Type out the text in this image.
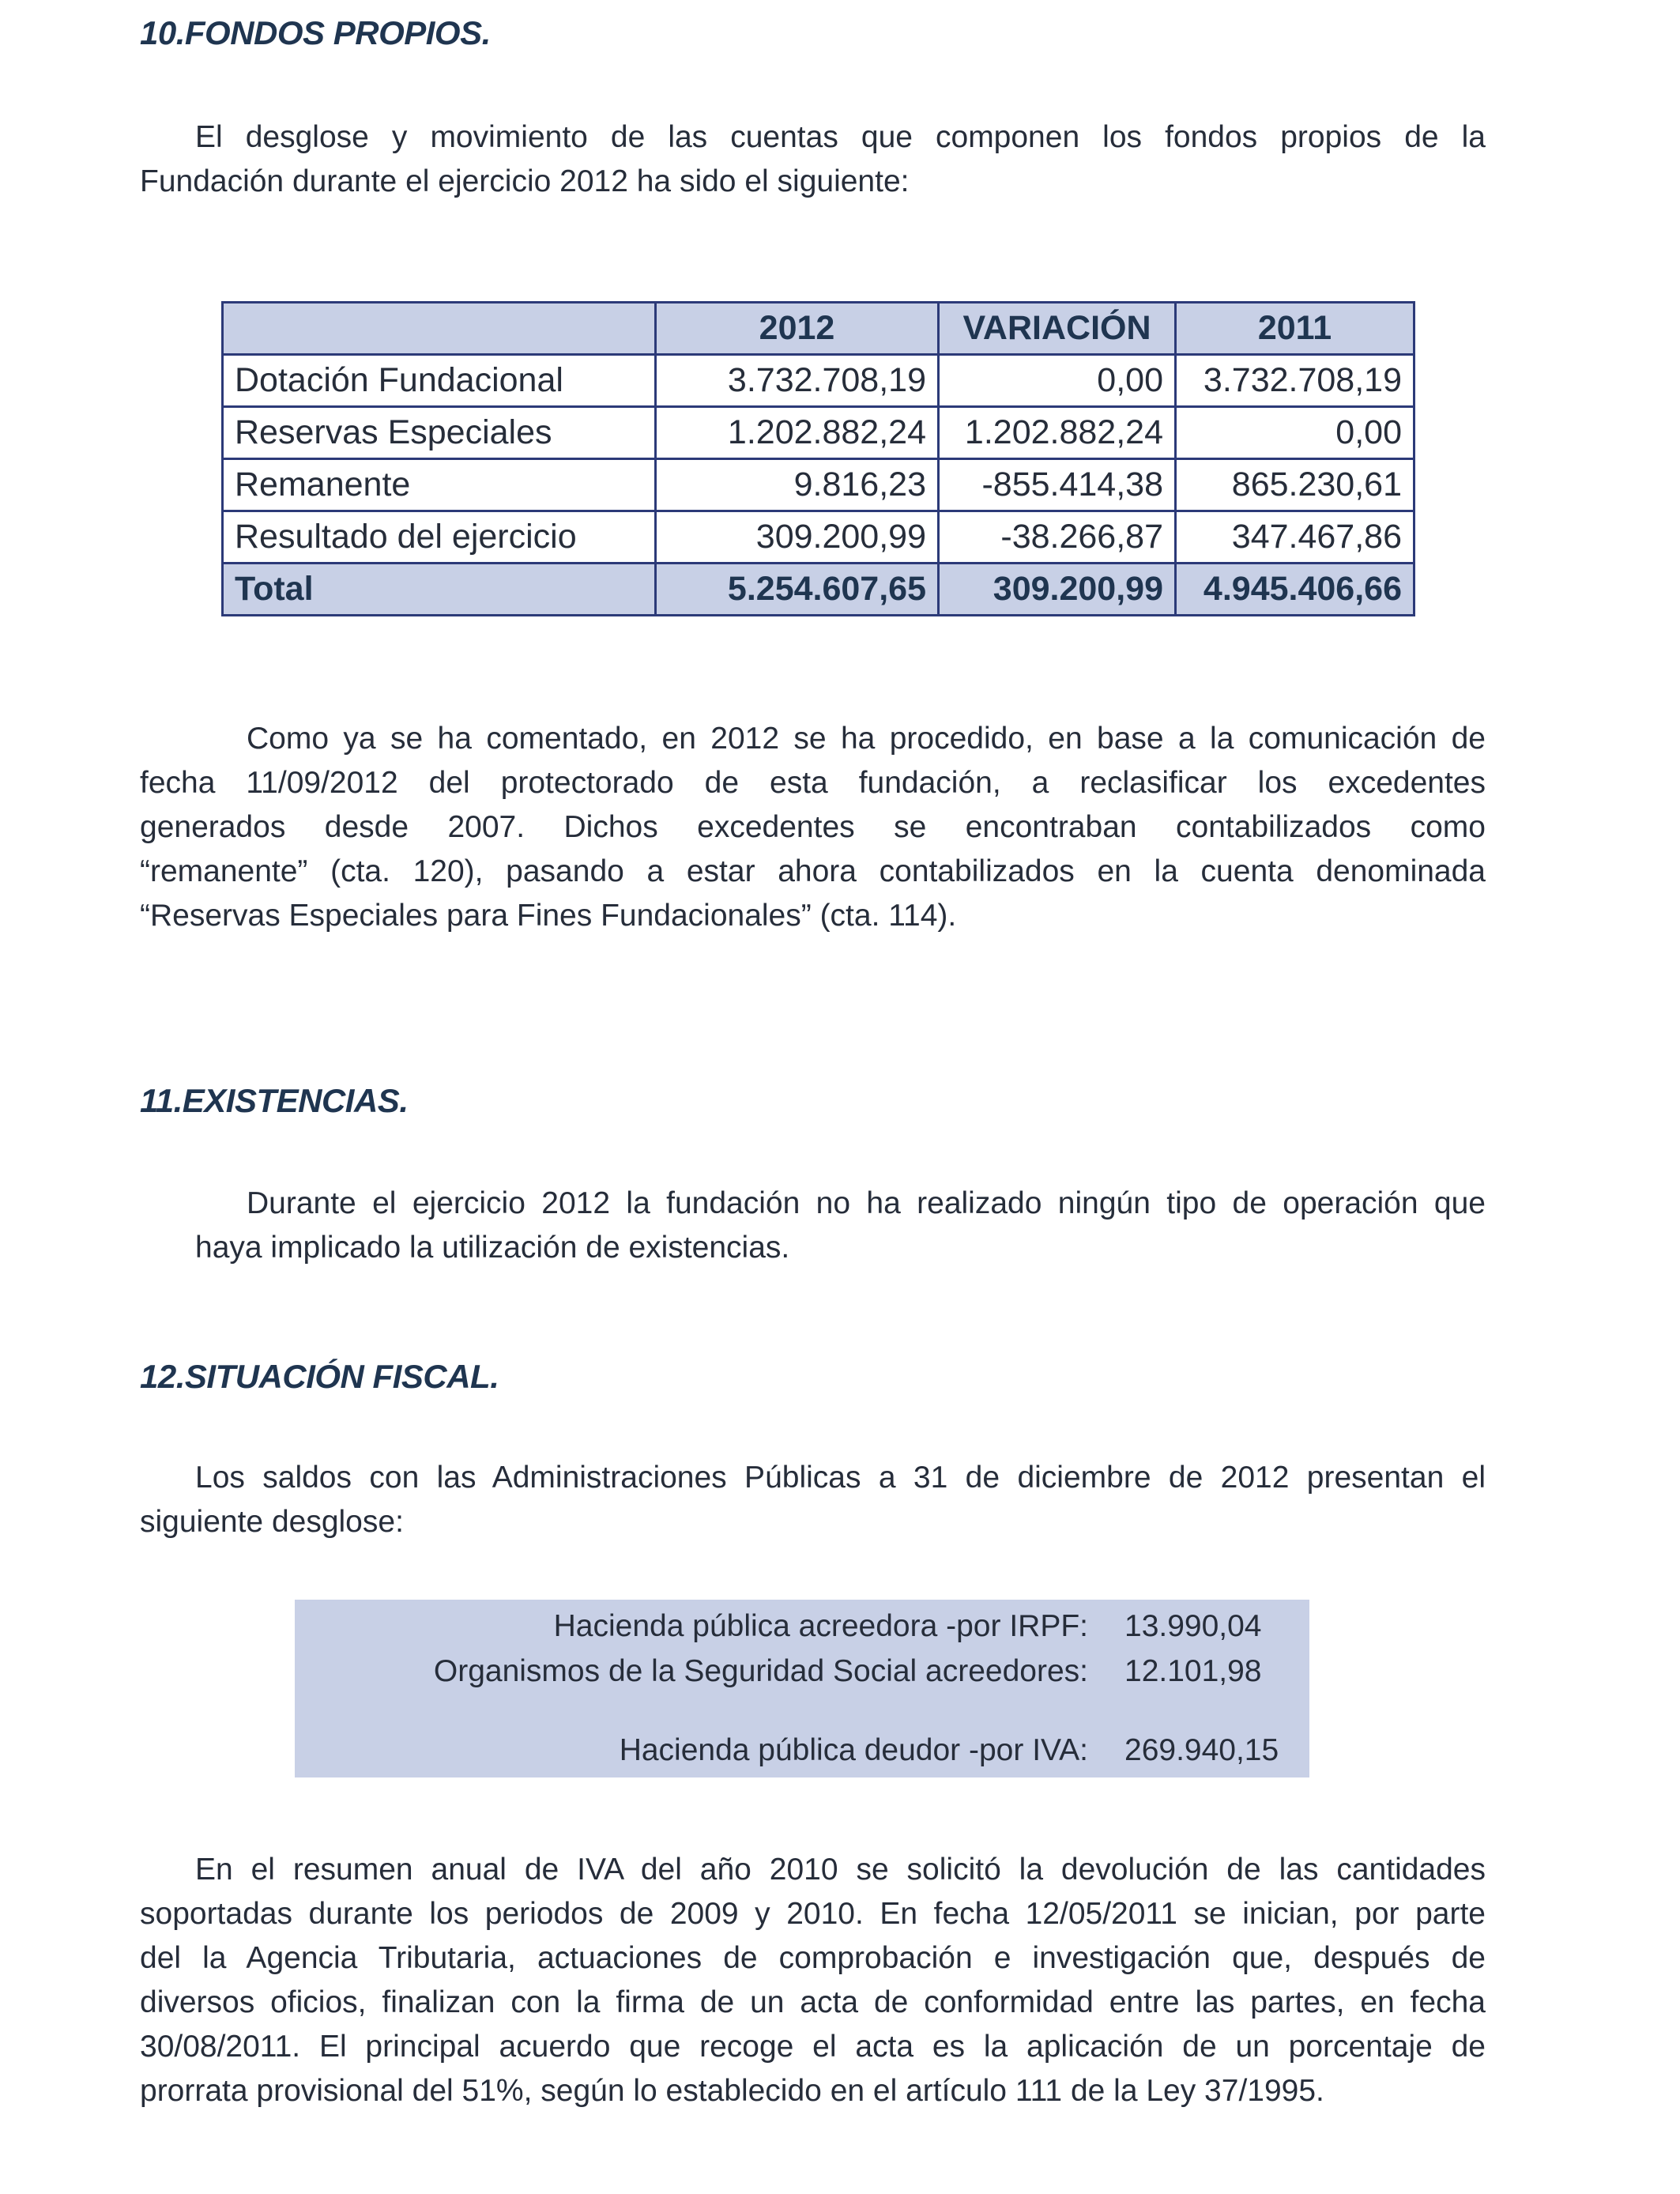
10.FONDOS PROPIOS.
El desglose y movimiento de las cuentas que componen los fondos propios de la
Fundación durante el ejercicio 2012 ha sido el siguiente:
	2012	VARIACIÓN	2011
Dotación Fundacional	3.732.708,19	0,00	3.732.708,19
Reservas Especiales	1.202.882,24	1.202.882,24	0,00
Remanente	9.816,23	-855.414,38	865.230,61
Resultado del ejercicio	309.200,99	-38.266,87	347.467,86
Total	5.254.607,65	309.200,99	4.945.406,66
Como ya se ha comentado, en 2012 se ha procedido, en base a la comunicación de
fecha 11/09/2012 del protectorado de esta fundación, a reclasificar los excedentes
generados desde 2007. Dichos excedentes se encontraban contabilizados como
“remanente” (cta. 120), pasando a estar ahora contabilizados en la cuenta denominada
“Reservas Especiales para Fines Fundacionales” (cta. 114).
11.EXISTENCIAS.
Durante el ejercicio 2012 la fundación no ha realizado ningún tipo de operación que
haya implicado la utilización de existencias.
12.SITUACIÓN FISCAL.
Los saldos con las Administraciones Públicas a 31 de diciembre de 2012 presentan el
siguiente desglose:
Hacienda pública acreedora -por IRPF: 13.990,04
Organismos de la Seguridad Social acreedores: 12.101,98
Hacienda pública deudor -por IVA: 269.940,15
En el resumen anual de IVA del año 2010 se solicitó la devolución de las cantidades
soportadas durante los periodos de 2009 y 2010. En fecha 12/05/2011 se inician, por parte
del la Agencia Tributaria, actuaciones de comprobación e investigación que, después de
diversos oficios, finalizan con la firma de un acta de conformidad entre las partes, en fecha
30/08/2011. El principal acuerdo que recoge el acta es la aplicación de un porcentaje de
prorrata provisional del 51%, según lo establecido en el artículo 111 de la Ley 37/1995.
